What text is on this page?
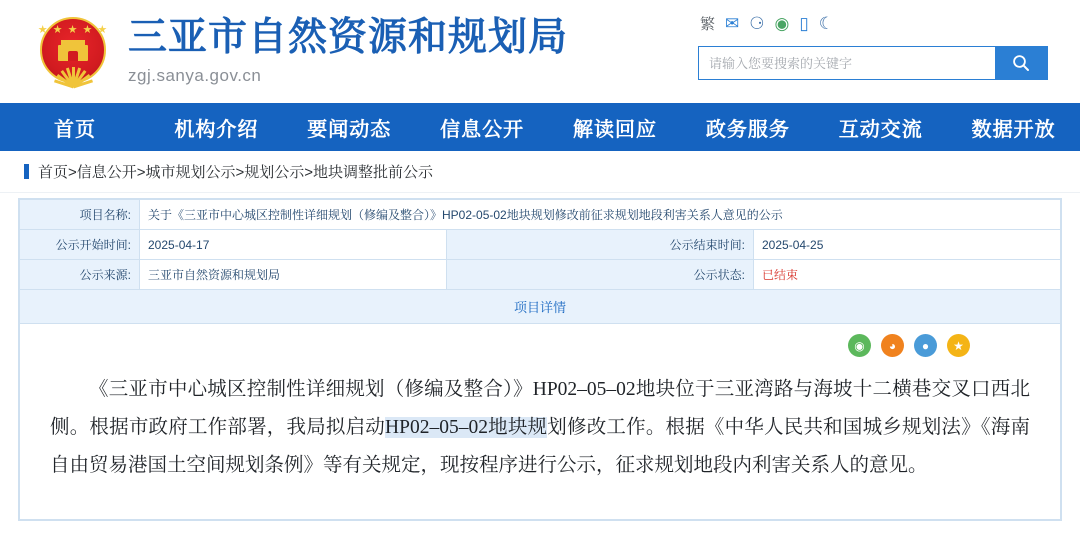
★ ★ ★ ★ ★ 三亚市自然资源和规划局
zgj.sanya.gov.cn
繁 ✉ ⚆ ◉ ▯ ☾
请输入您要搜索的关键字
首页	机构介绍	要闻动态	信息公开	解读回应	政务服务	互动交流	数据开放
首页>信息公开>城市规划公示>规划公示>地块调整批前公示
项目名称:	关于《三亚市中心城区控制性详细规划（修编及整合）》HP02-05-02地块规划修改前征求规划地段利害关系人意见的公示		
公示开始时间:	2025-04-17	公示结束时间:	2025-04-25
公示来源:	三亚市自然资源和规划局	公示状态:	已结束
项目详情
◉	◕	●	★
《三亚市中心城区控制性详细规划（修编及整合）》HP02–05–02地块位于三亚湾路与海坡十二横巷交叉口西北侧。根据市政府工作部署，我局拟启动HP02–05–02地块规划修改工作。根据《中华人民共和国城乡规划法》《海南自由贸易港国土空间规划条例》等有关规定，现按程序进行公示，征求规划地段内利害关系人的意见。
